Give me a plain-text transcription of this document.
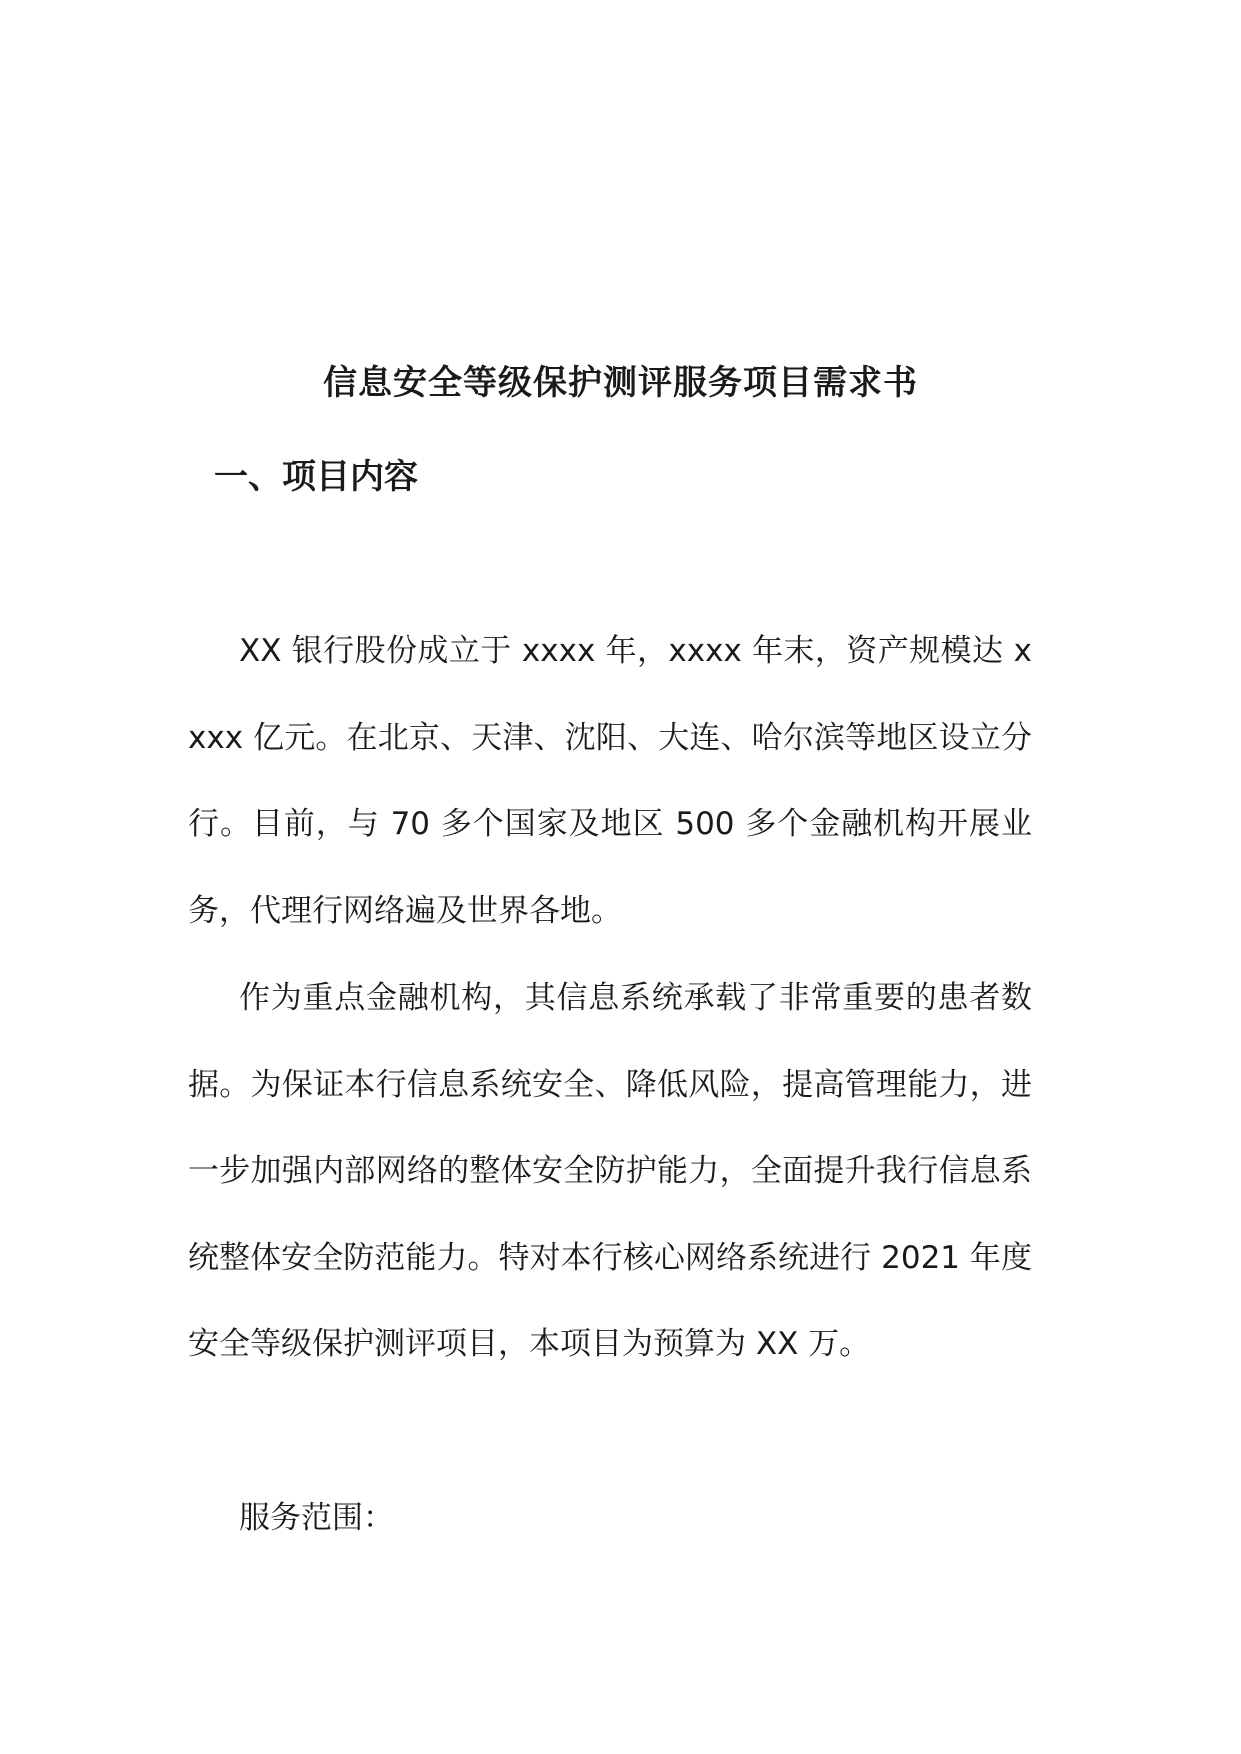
信息安全等级保护测评服务项目需求书
一、项目内容

XX 银行股份成立于 xxxx 年，xxxx 年末，资产规模达 xxxx 亿元。在北京、天津、沈阳、大连、哈尔滨等地区设立分行。目前，与 70 多个国家及地区 500 多个金融机构开展业务，代理行网络遍及世界各地。

作为重点金融机构，其信息系统承载了非常重要的患者数据。为保证本行信息系统安全、降低风险，提高管理能力，进一步加强内部网络的整体安全防护能力，全面提升我行信息系统整体安全防范能力。特对本行核心网络系统进行 2021 年度安全等级保护测评项目，本项目为预算为 XX 万。

服务范围：
